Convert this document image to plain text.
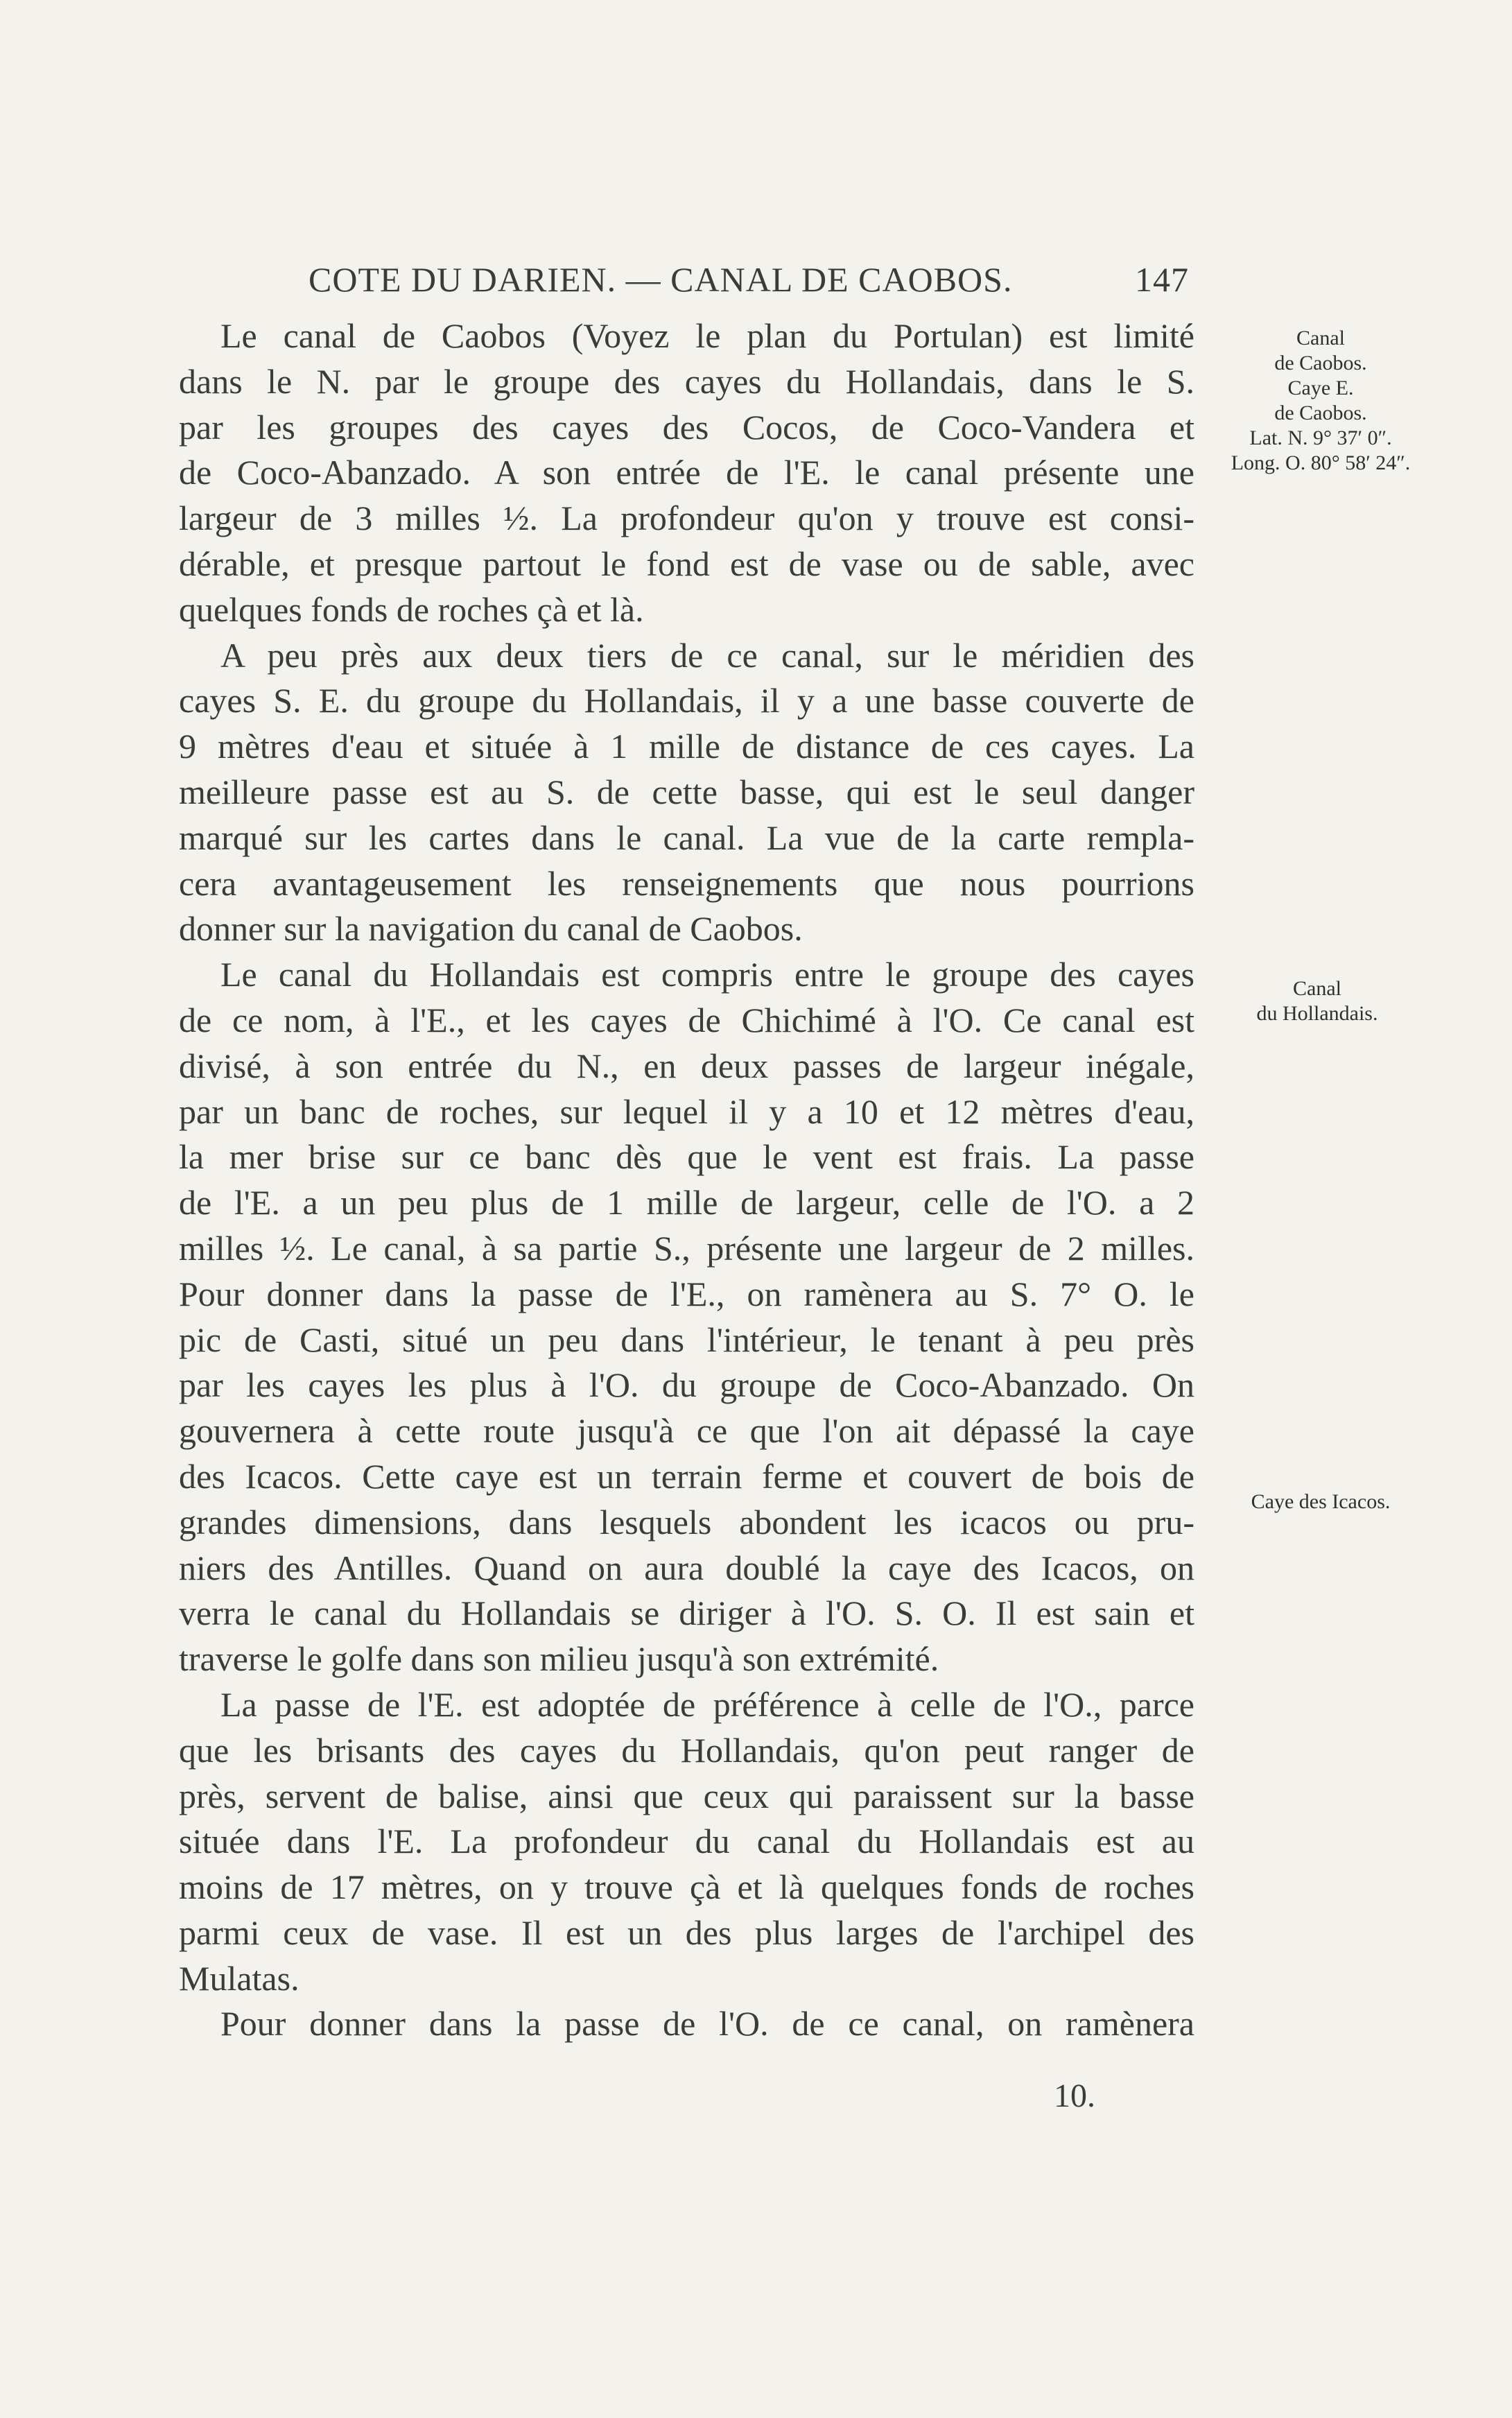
COTE DU DARIEN. — CANAL DE CAOBOS.	147
Le canal de Caobos (Voyez le plan du Portulan) est limité
dans le N. par le groupe des cayes du Hollandais, dans le S.
par les groupes des cayes des Cocos, de Coco-Vandera et
de Coco-Abanzado. A son entrée de l'E. le canal présente une
largeur de 3 milles ½. La profondeur qu'on y trouve est consi-
dérable, et presque partout le fond est de vase ou de sable, avec
quelques fonds de roches çà et là.
A peu près aux deux tiers de ce canal, sur le méridien des
cayes S. E. du groupe du Hollandais, il y a une basse couverte de
9 mètres d'eau et située à 1 mille de distance de ces cayes. La
meilleure passe est au S. de cette basse, qui est le seul danger
marqué sur les cartes dans le canal. La vue de la carte rempla-
cera avantageusement les renseignements que nous pourrions
donner sur la navigation du canal de Caobos.
Le canal du Hollandais est compris entre le groupe des cayes
de ce nom, à l'E., et les cayes de Chichimé à l'O. Ce canal est
divisé, à son entrée du N., en deux passes de largeur inégale,
par un banc de roches, sur lequel il y a 10 et 12 mètres d'eau,
la mer brise sur ce banc dès que le vent est frais. La passe
de l'E. a un peu plus de 1 mille de largeur, celle de l'O. a 2
milles ½. Le canal, à sa partie S., présente une largeur de 2 milles.
Pour donner dans la passe de l'E., on ramènera au S. 7° O. le
pic de Casti, situé un peu dans l'intérieur, le tenant à peu près
par les cayes les plus à l'O. du groupe de Coco-Abanzado. On
gouvernera à cette route jusqu'à ce que l'on ait dépassé la caye
des Icacos. Cette caye est un terrain ferme et couvert de bois de
grandes dimensions, dans lesquels abondent les icacos ou pru-
niers des Antilles. Quand on aura doublé la caye des Icacos, on
verra le canal du Hollandais se diriger à l'O. S. O. Il est sain et
traverse le golfe dans son milieu jusqu'à son extrémité.
La passe de l'E. est adoptée de préférence à celle de l'O., parce
que les brisants des cayes du Hollandais, qu'on peut ranger de
près, servent de balise, ainsi que ceux qui paraissent sur la basse
située dans l'E. La profondeur du canal du Hollandais est au
moins de 17 mètres, on y trouve çà et là quelques fonds de roches
parmi ceux de vase. Il est un des plus larges de l'archipel des
Mulatas.
Pour donner dans la passe de l'O. de ce canal, on ramènera
10.
Canal
de Caobos.
Caye E.
de Caobos.
Lat. N. 9° 37′ 0″.
Long. O. 80° 58′ 24″.
Canal
du Hollandais.
Caye des Icacos.
